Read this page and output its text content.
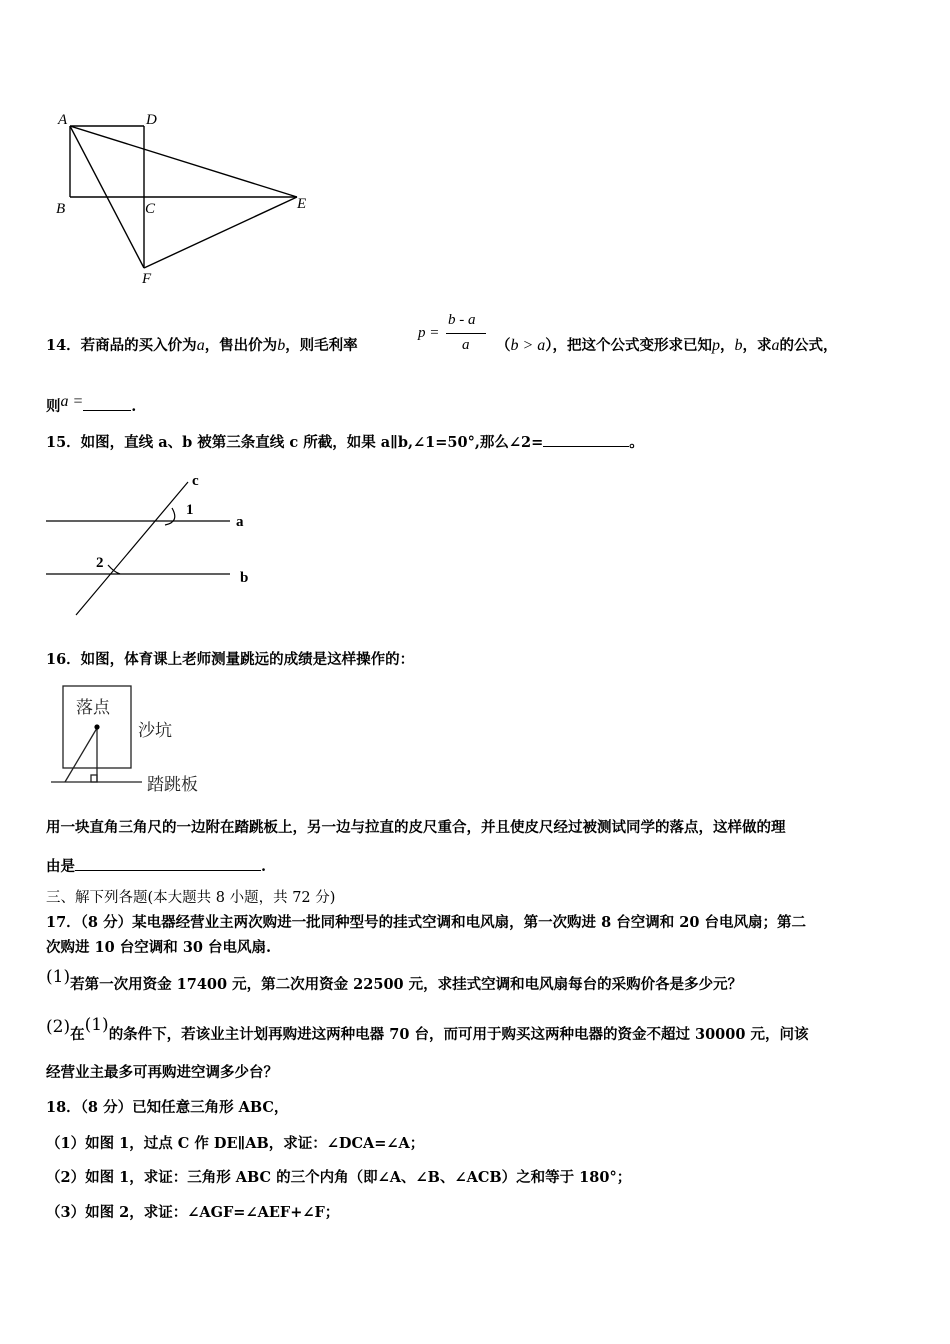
A	D
B	C	E
F
14．若商品的买入价为a，售出价为b，则毛利率
p =
b - a
a （b > a），把这个公式变形求已知p，b，求a的公式，
则a =	.
15．如图，直线 a、b 被第三条直线 c 所截，如果 a∥b,∠1=50°,那么∠2=	。
c
1
a
2
b
16．如图，体育课上老师测量跳远的成绩是这样操作的：
落点
沙坑
踏跳板
用一块直角三角尺的一边附在踏跳板上，另一边与拉直的皮尺重合，并且使皮尺经过被测试同学的落点，这样做的理
由是	.
三、解下列各题(本大题共 8 小题，共 72 分)
17．（8 分）某电器经营业主两次购进一批同种型号的挂式空调和电风扇，第一次购进 8 台空调和 20 台电风扇；第二
次购进 10 台空调和 30 台电风扇.
(1)若第一次用资金 17400 元，第二次用资金 22500 元，求挂式空调和电风扇每台的采购价各是多少元？
(2)在(1)的条件下，若该业主计划再购进这两种电器 70 台，而可用于购买这两种电器的资金不超过 30000 元，问该
经营业主最多可再购进空调多少台？
18．（8 分）已知任意三角形 ABC，
（1）如图 1，过点 C 作 DE∥AB，求证：∠DCA=∠A；
（2）如图 1，求证：三角形 ABC 的三个内角（即∠A、∠B、∠ACB）之和等于 180°；
（3）如图 2，求证：∠AGF=∠AEF+∠F；
